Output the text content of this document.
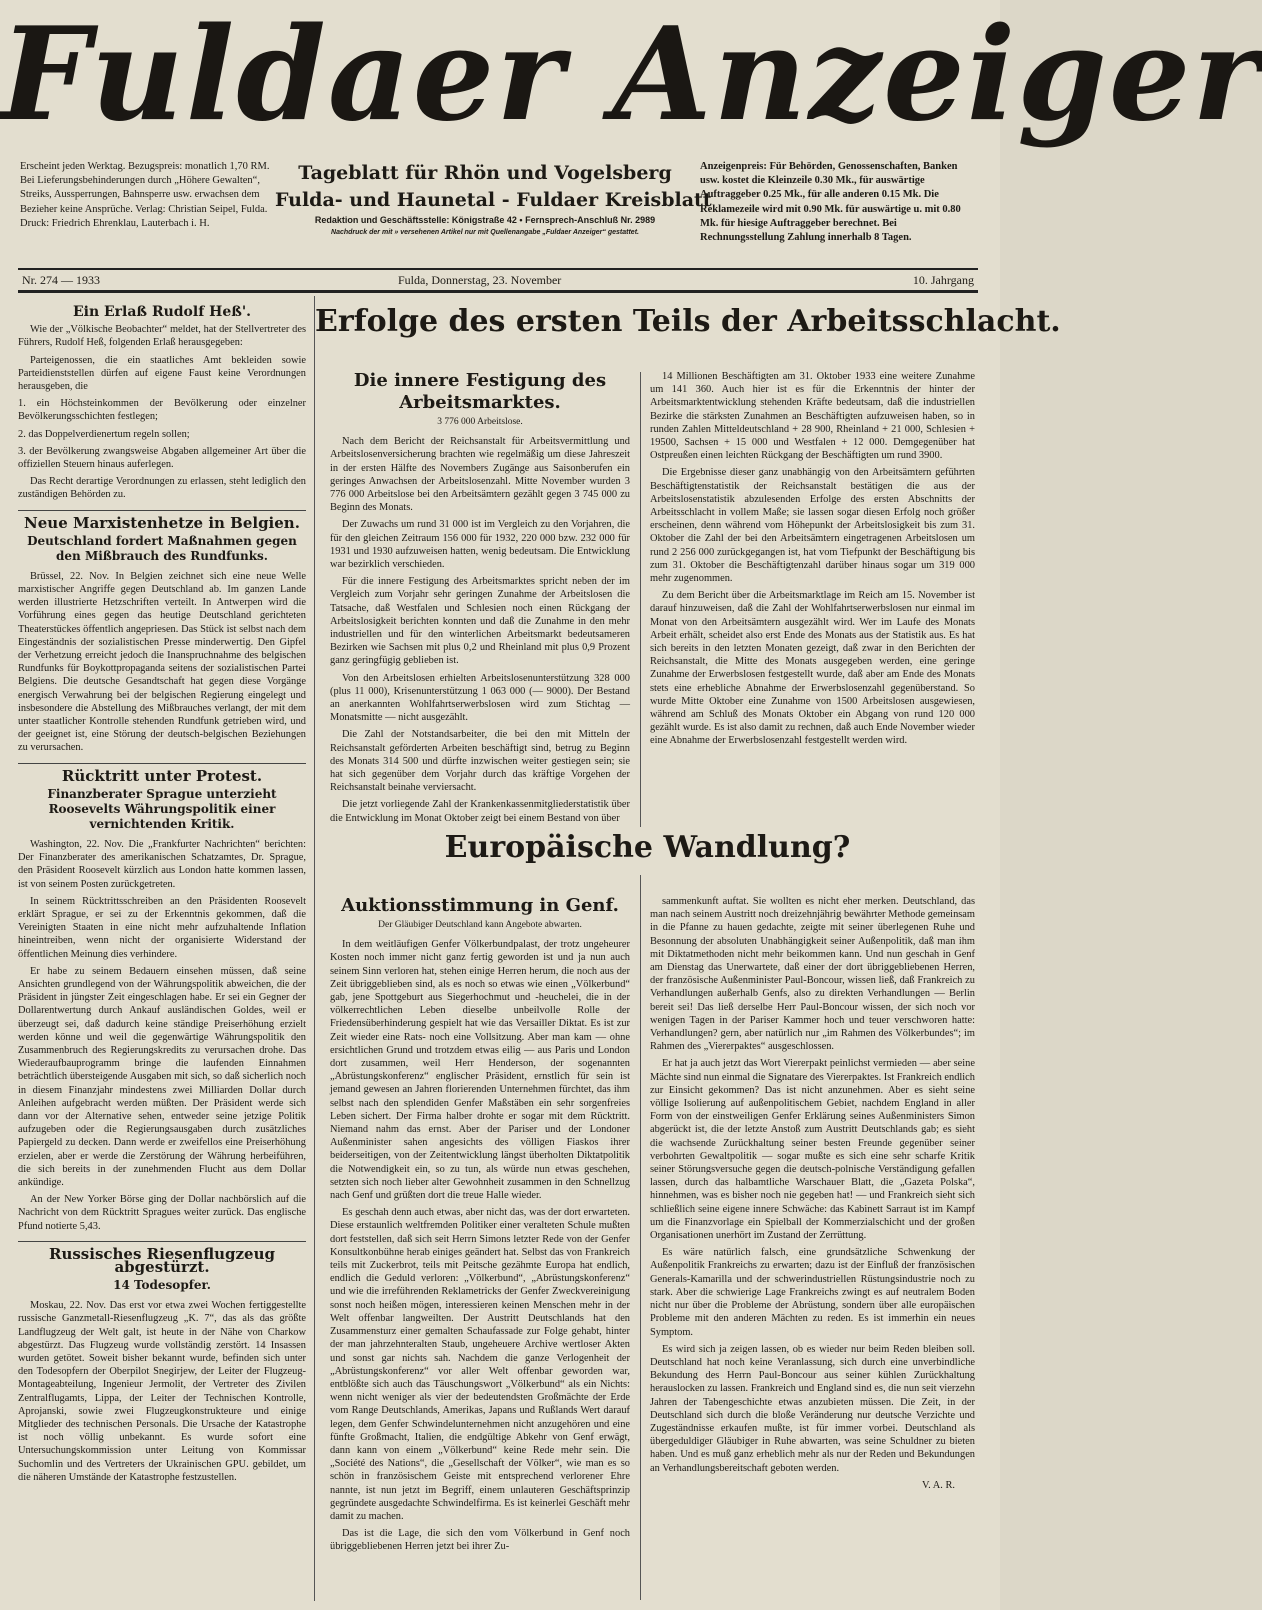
Fuldaer Anzeiger
Erscheint jeden Werktag. Bezugspreis: monatlich 1,70 RM. Bei Lieferungsbehinderungen durch „Höhere Gewalten“, Streiks, Aussperrungen, Bahnsperre usw. erwachsen dem Bezieher keine Ansprüche. Verlag: Christian Seipel, Fulda. Druck: Friedrich Ehrenklau, Lauterbach i. H.
Tageblatt für Rhön und Vogelsberg
Fulda- und Haunetal - Fuldaer Kreisblatt
Redaktion und Geschäftsstelle: Königstraße 42 • Fernsprech-Anschluß Nr. 2989
Nachdruck der mit » versehenen Artikel nur mit Quellenangabe „Fuldaer Anzeiger“ gestattet.
Anzeigenpreis: Für Behörden, Genossenschaften, Banken usw. kostet die Kleinzeile 0.30 Mk., für auswärtige Auftraggeber 0.25 Mk., für alle anderen 0.15 Mk. Die Reklamezeile wird mit 0.90 Mk. für auswärtige u. mit 0.80 Mk. für hiesige Auftraggeber berechnet. Bei Rechnungsstellung Zahlung innerhalb 8 Tagen.
Nr. 274 — 1933	Fulda, Donnerstag, 23. November	10. Jahrgang
Ein Erlaß Rudolf Heß'.

Wie der „Völkische Beobachter“ meldet, hat der Stellvertreter des Führers, Rudolf Heß, folgenden Erlaß herausgegeben:

Parteigenossen, die ein staatliches Amt bekleiden sowie Parteidienststellen dürfen auf eigene Faust keine Verordnungen herausgeben, die

1. ein Höchsteinkommen der Bevölkerung oder einzelner Bevölkerungsschichten festlegen;

2. das Doppelverdienertum regeln sollen;

3. der Bevölkerung zwangsweise Abgaben allgemeiner Art über die offiziellen Steuern hinaus auferlegen.

Das Recht derartige Verordnungen zu erlassen, steht lediglich den zuständigen Behörden zu.

Neue Marxistenhetze in Belgien.
Deutschland fordert Maßnahmen gegen den Mißbrauch des Rundfunks.

Brüssel, 22. Nov. In Belgien zeichnet sich eine neue Welle marxistischer Angriffe gegen Deutschland ab. Im ganzen Lande werden illustrierte Hetzschriften verteilt. In Antwerpen wird die Vorführung eines gegen das heutige Deutschland gerichteten Theaterstückes öffentlich angepriesen. Das Stück ist selbst nach dem Eingeständnis der sozialistischen Presse minderwertig. Den Gipfel der Verhetzung erreicht jedoch die Inanspruchnahme des belgischen Rundfunks für Boykottpropaganda seitens der sozialistischen Partei Belgiens. Die deutsche Gesandtschaft hat gegen diese Vorgänge energisch Verwahrung bei der belgischen Regierung eingelegt und insbesondere die Abstellung des Mißbrauches verlangt, der mit dem unter staatlicher Kontrolle stehenden Rundfunk getrieben wird, und der geeignet ist, eine Störung der deutsch-belgischen Beziehungen zu verursachen.

Rücktritt unter Protest.
Finanzberater Sprague unterzieht Roosevelts Währungspolitik einer vernichtenden Kritik.

Washington, 22. Nov. Die „Frankfurter Nachrichten“ berichten: Der Finanzberater des amerikanischen Schatzamtes, Dr. Sprague, den Präsident Roosevelt kürzlich aus London hatte kommen lassen, ist von seinem Posten zurückgetreten.

In seinem Rücktrittsschreiben an den Präsidenten Roosevelt erklärt Sprague, er sei zu der Erkenntnis gekommen, daß die Vereinigten Staaten in eine nicht mehr aufzuhaltende Inflation hineintreiben, wenn nicht der organisierte Widerstand der öffentlichen Meinung dies verhindere.

Er habe zu seinem Bedauern einsehen müssen, daß seine Ansichten grundlegend von der Währungspolitik abweichen, die der Präsident in jüngster Zeit eingeschlagen habe. Er sei ein Gegner der Dollarentwertung durch Ankauf ausländischen Goldes, weil er überzeugt sei, daß dadurch keine ständige Preiserhöhung erzielt werden könne und weil die gegenwärtige Währungspolitik den Zusammenbruch des Regierungskredits zu verursachen drohe. Das Wiederaufbauprogramm bringe die laufenden Einnahmen beträchtlich übersteigende Ausgaben mit sich, so daß sicherlich noch in diesem Finanzjahr mindestens zwei Milliarden Dollar durch Anleihen aufgebracht werden müßten. Der Präsident werde sich dann vor der Alternative sehen, entweder seine jetzige Politik aufzugeben oder die Regierungsausgaben durch zusätzliches Papiergeld zu decken. Dann werde er zweifellos eine Preiserhöhung erzielen, aber er werde die Zerstörung der Währung herbeiführen, die sich bereits in der zunehmenden Flucht aus dem Dollar ankündige.

An der New Yorker Börse ging der Dollar nachbörslich auf die Nachricht von dem Rücktritt Spragues weiter zurück. Das englische Pfund notierte 5,43.

Russisches Riesenflugzeug abgestürzt.
14 Todesopfer.

Moskau, 22. Nov. Das erst vor etwa zwei Wochen fertiggestellte russische Ganzmetall-Riesenflugzeug „K. 7“, das als das größte Landflugzeug der Welt galt, ist heute in der Nähe von Charkow abgestürzt. Das Flugzeug wurde vollständig zerstört. 14 Insassen wurden getötet. Soweit bisher bekannt wurde, befinden sich unter den Todesopfern der Oberpilot Snegirjew, der Leiter der Flugzeug-Montageabteilung, Ingenieur Jermolit, der Vertreter des Zivilen Zentralflugamts, Lippa, der Leiter der Technischen Kontrolle, Aprojanski, sowie zwei Flugzeugkonstrukteure und einige Mitglieder des technischen Personals. Die Ursache der Katastrophe ist noch völlig unbekannt. Es wurde sofort eine Untersuchungskommission unter Leitung von Kommissar Suchomlin und des Vertreters der Ukrainischen GPU. gebildet, um die näheren Umstände der Katastrophe festzustellen.

Erfolge des ersten Teils der Arbeitsschlacht.
Die innere Festigung des Arbeitsmarktes.
3 776 000 Arbeitslose.

Nach dem Bericht der Reichsanstalt für Arbeitsvermittlung und Arbeitslosenversicherung brachten wie regelmäßig um diese Jahreszeit in der ersten Hälfte des Novembers Zugänge aus Saisonberufen ein geringes Anwachsen der Arbeitslosenzahl. Mitte November wurden 3 776 000 Arbeitslose bei den Arbeitsämtern gezählt gegen 3 745 000 zu Beginn des Monats.

Der Zuwachs um rund 31 000 ist im Vergleich zu den Vorjahren, die für den gleichen Zeitraum 156 000 für 1932, 220 000 bzw. 232 000 für 1931 und 1930 aufzuweisen hatten, wenig bedeutsam. Die Entwicklung war bezirklich verschieden.

Für die innere Festigung des Arbeitsmarktes spricht neben der im Vergleich zum Vorjahr sehr geringen Zunahme der Arbeitslosen die Tatsache, daß Westfalen und Schlesien noch einen Rückgang der Arbeitslosigkeit berichten konnten und daß die Zunahme in den mehr industriellen und für den winterlichen Arbeitsmarkt bedeutsameren Bezirken wie Sachsen mit plus 0,2 und Rheinland mit plus 0,9 Prozent ganz geringfügig geblieben ist.

Von den Arbeitslosen erhielten Arbeitslosenunterstützung 328 000 (plus 11 000), Krisenunterstützung 1 063 000 (— 9000). Der Bestand an anerkannten Wohlfahrtserwerbslosen wird zum Stichtag — Monatsmitte — nicht ausgezählt.

Die Zahl der Notstandsarbeiter, die bei den mit Mitteln der Reichsanstalt geförderten Arbeiten beschäftigt sind, betrug zu Beginn des Monats 314 500 und dürfte inzwischen weiter gestiegen sein; sie hat sich gegenüber dem Vorjahr durch das kräftige Vorgehen der Reichsanstalt beinahe verviersacht.

Die jetzt vorliegende Zahl der Krankenkassenmitgliederstatistik über die Entwicklung im Monat Oktober zeigt bei einem Bestand von über

14 Millionen Beschäftigten am 31. Oktober 1933 eine weitere Zunahme um 141 360. Auch hier ist es für die Erkenntnis der hinter der Arbeitsmarktentwicklung stehenden Kräfte bedeutsam, daß die industriellen Bezirke die stärksten Zunahmen an Beschäftigten aufzuweisen haben, so in runden Zahlen Mitteldeutschland + 28 900, Rheinland + 21 000, Schlesien + 19500, Sachsen + 15 000 und Westfalen + 12 000. Demgegenüber hat Ostpreußen einen leichten Rückgang der Beschäftigten um rund 3900.

Die Ergebnisse dieser ganz unabhängig von den Arbeitsämtern geführten Beschäftigtenstatistik der Reichsanstalt bestätigen die aus der Arbeitslosenstatistik abzulesenden Erfolge des ersten Abschnitts der Arbeitsschlacht in vollem Maße; sie lassen sogar diesen Erfolg noch größer erscheinen, denn während vom Höhepunkt der Arbeitslosigkeit bis zum 31. Oktober die Zahl der bei den Arbeitsämtern eingetragenen Arbeitslosen um rund 2 256 000 zurückgegangen ist, hat vom Tiefpunkt der Beschäftigung bis zum 31. Oktober die Beschäftigtenzahl darüber hinaus sogar um 319 000 mehr zugenommen.

Zu dem Bericht über die Arbeitsmarktlage im Reich am 15. November ist darauf hinzuweisen, daß die Zahl der Wohlfahrtserwerbslosen nur einmal im Monat von den Arbeitsämtern ausgezählt wird. Wer im Laufe des Monats Arbeit erhält, scheidet also erst Ende des Monats aus der Statistik aus. Es hat sich bereits in den letzten Monaten gezeigt, daß zwar in den Berichten der Reichsanstalt, die Mitte des Monats ausgegeben werden, eine geringe Zunahme der Erwerbslosen festgestellt wurde, daß aber am Ende des Monats stets eine erhebliche Abnahme der Erwerbslosenzahl gegenüberstand. So wurde Mitte Oktober eine Zunahme von 1500 Arbeitslosen ausgewiesen, während am Schluß des Monats Oktober ein Abgang von rund 120 000 gezählt wurde. Es ist also damit zu rechnen, daß auch Ende November wieder eine Abnahme der Erwerbslosenzahl festgestellt werden wird.

Europäische Wandlung?
Auktionsstimmung in Genf.
Der Gläubiger Deutschland kann Angebote abwarten.

In dem weitläufigen Genfer Völkerbundpalast, der trotz ungeheurer Kosten noch immer nicht ganz fertig geworden ist und ja nun auch seinem Sinn verloren hat, stehen einige Herren herum, die noch aus der Zeit übriggeblieben sind, als es noch so etwas wie einen „Völkerbund“ gab, jene Spottgeburt aus Siegerhochmut und -heuchelei, die in der völkerrechtlichen Leben dieselbe unbeilvolle Rolle der Friedensüberhinderung gespielt hat wie das Versailler Diktat. Es ist zur Zeit wieder eine Rats- noch eine Vollsitzung. Aber man kam — ohne ersichtlichen Grund und trotzdem etwas eilig — aus Paris und London dort zusammen, weil Herr Henderson, der sogenannten „Abrüstungskonferenz“ englischer Präsident, ernstlich für sein ist jemand gewesen an Jahren florierenden Unternehmen fürchtet, das ihm selbst nach den splendiden Genfer Maßstäben ein sehr sorgenfreies Leben sichert. Der Firma halber drohte er sogar mit dem Rücktritt. Niemand nahm das ernst. Aber der Pariser und der Londoner Außenminister sahen angesichts des völligen Fiaskos ihrer beiderseitigen, von der Zeitentwicklung längst überholten Diktatpolitik die Notwendigkeit ein, so zu tun, als würde nun etwas geschehen, setzten sich noch lieber alter Gewohnheit zusammen in den Schnellzug nach Genf und grüßten dort die treue Halle wieder.

Es geschah denn auch etwas, aber nicht das, was der dort erwarteten. Diese erstaunlich weltfremden Politiker einer veralteten Schule mußten dort feststellen, daß sich seit Herrn Simons letzter Rede von der Genfer Konsultkonbühne herab einiges geändert hat. Selbst das von Frankreich teils mit Zuckerbrot, teils mit Peitsche gezähmte Europa hat endlich, endlich die Geduld verloren: „Völkerbund“, „Abrüstungskonferenz“ und wie die irreführenden Reklametricks der Genfer Zweckvereinigung sonst noch heißen mögen, interessieren keinen Menschen mehr in der Welt offenbar langweilten. Der Austritt Deutschlands hat den Zusammensturz einer gemalten Schaufassade zur Folge gehabt, hinter der man jahrzehnteralten Staub, ungeheuere Archive wertloser Akten und sonst gar nichts sah. Nachdem die ganze Verlogenheit der „Abrüstungskonferenz“ vor aller Welt offenbar geworden war, entblößte sich auch das Täuschungswort „Völkerbund“ als ein Nichts: wenn nicht weniger als vier der bedeutendsten Großmächte der Erde vom Range Deutschlands, Amerikas, Japans und Rußlands Wert darauf legen, dem Genfer Schwindelunternehmen nicht anzugehören und eine fünfte Großmacht, Italien, die endgültige Abkehr von Genf erwägt, dann kann von einem „Völkerbund“ keine Rede mehr sein. Die „Société des Nations“, die „Gesellschaft der Völker“, wie man es so schön in französischem Geiste mit entsprechend verlorener Ehre nannte, ist nun jetzt im Begriff, einem unlauteren Geschäftsprinzip gegründete ausgedachte Schwindelfirma. Es ist keinerlei Geschäft mehr damit zu machen.

Das ist die Lage, die sich den vom Völkerbund in Genf noch übriggebliebenen Herren jetzt bei ihrer Zu-

sammenkunft auftat. Sie wollten es nicht eher merken. Deutschland, das man nach seinem Austritt noch dreizehnjährig bewährter Methode gemeinsam in die Pfanne zu hauen gedachte, zeigte mit seiner überlegenen Ruhe und Besonnung der absoluten Unabhängigkeit seiner Außenpolitik, daß man ihm mit Diktatmethoden nicht mehr beikommen kann. Und nun geschah in Genf am Dienstag das Unerwartete, daß einer der dort übriggebliebenen Herren, der französische Außenminister Paul-Boncour, wissen ließ, daß Frankreich zu Verhandlungen außerhalb Genfs, also zu direkten Verhandlungen — Berlin bereit sei! Das ließ derselbe Herr Paul-Boncour wissen, der sich noch vor wenigen Tagen in der Pariser Kammer hoch und teuer verschworen hatte: Verhandlungen? gern, aber natürlich nur „im Rahmen des Völkerbundes“; im Rahmen des „Viererpaktes“ ausgeschlossen.

Er hat ja auch jetzt das Wort Viererpakt peinlichst vermieden — aber seine Mächte sind nun einmal die Signatare des Viererpaktes. Ist Frankreich endlich zur Einsicht gekommen? Das ist nicht anzunehmen. Aber es sieht seine völlige Isolierung auf außenpolitischem Gebiet, nachdem England in aller Form von der einstweiligen Genfer Erklärung seines Außenministers Simon abgerückt ist, die der letzte Anstoß zum Austritt Deutschlands gab; es sieht die wachsende Zurückhaltung seiner besten Freunde gegenüber seiner verbohrten Gewaltpolitik — sogar mußte es sich eine sehr scharfe Kritik seiner Störungsversuche gegen die deutsch-polnische Verständigung gefallen lassen, durch das halbamtliche Warschauer Blatt, die „Gazeta Polska“, hinnehmen, was es bisher noch nie gegeben hat! — und Frankreich sieht sich schließlich seine eigene innere Schwäche: das Kabinett Sarraut ist im Kampf um die Finanzvorlage ein Spielball der Kommerzialschicht und der großen Organisationen unerhört im Zustand der Zerrüttung.

Es wäre natürlich falsch, eine grundsätzliche Schwenkung der Außenpolitik Frankreichs zu erwarten; dazu ist der Einfluß der französischen Generals-Kamarilla und der schwerindustriellen Rüstungsindustrie noch zu stark. Aber die schwierige Lage Frankreichs zwingt es auf neutralem Boden nicht nur über die Probleme der Abrüstung, sondern über alle europäischen Probleme mit den anderen Mächten zu reden. Es ist immerhin ein neues Symptom.

Es wird sich ja zeigen lassen, ob es wieder nur beim Reden bleiben soll. Deutschland hat noch keine Veranlassung, sich durch eine unverbindliche Bekundung des Herrn Paul-Boncour aus seiner kühlen Zurückhaltung herauslocken zu lassen. Frankreich und England sind es, die nun seit vierzehn Jahren der Tabengeschichte etwas anzubieten müssen. Die Zeit, in der Deutschland sich durch die bloße Veränderung nur deutsche Verzichte und Zugeständnisse erkaufen mußte, ist für immer vorbei. Deutschland als übergeduldiger Gläubiger in Ruhe abwarten, was seine Schuldner zu bieten haben. Und es muß ganz erheblich mehr als nur der Reden und Bekundungen an Verhandlungsbereitschaft geboten werden.

V. A. R.
